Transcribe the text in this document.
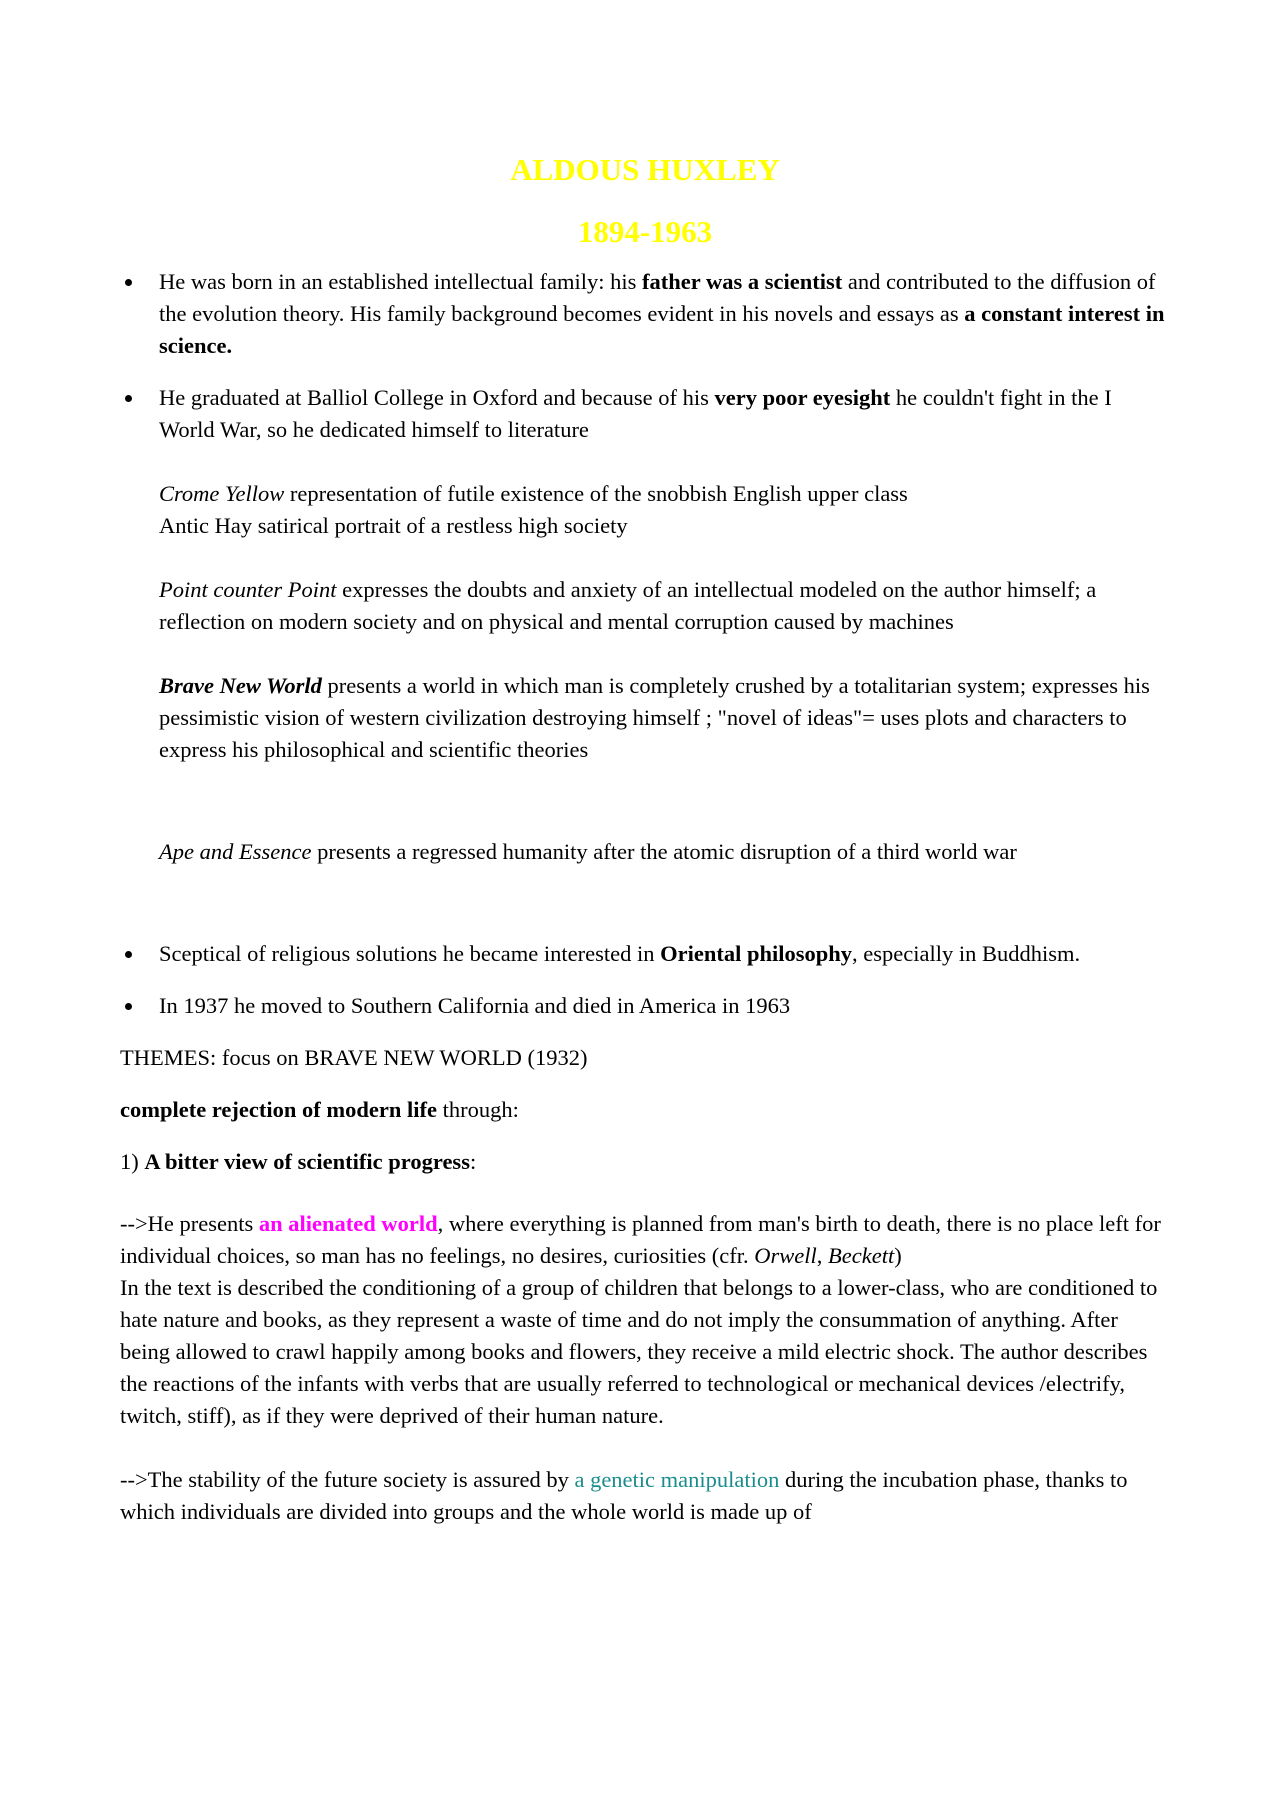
ALDOUS HUXLEY
1894-1963
He was born in an established intellectual family: his father was a scientist and contributed to the diffusion of the evolution theory. His family background becomes evident in his novels and essays as a constant interest in science.
He graduated at Balliol College in Oxford and because of his very poor eyesight he couldn't fight in the I World War, so he dedicated himself to literature

Crome Yellow representation of futile existence of the snobbish English upper class

Antic Hay satirical portrait of a restless high society

Point counter Point expresses the doubts and anxiety of an intellectual modeled on the author himself; a reflection on modern society and on physical and mental corruption caused by machines

Brave New World presents a world in which man is completely crushed by a totalitarian system; expresses his pessimistic vision of western civilization destroying himself ; "novel of ideas"= uses plots and characters to express his philosophical and scientific theories

Ape and Essence presents a regressed humanity after the atomic disruption of a third world war

Sceptical of religious solutions he became interested in Oriental philosophy, especially in Buddhism.
In 1937 he moved to Southern California and died in America in 1963

THEMES: focus on BRAVE NEW WORLD (1932)

complete rejection of modern life through:

1) A bitter view of scientific progress:

-->He presents an alienated world, where everything is planned from man's birth to death, there is no place left for individual choices, so man has no feelings, no desires, curiosities (cfr. Orwell, Beckett)

In the text is described the conditioning of a group of children that belongs to a lower-class, who are conditioned to hate nature and books, as they represent a waste of time and do not imply the consummation of anything. After being allowed to crawl happily among books and flowers, they receive a mild electric shock. The author describes the reactions of the infants with verbs that are usually referred to technological or mechanical devices /electrify, twitch, stiff), as if they were deprived of their human nature.

-->The stability of the future society is assured by a genetic manipulation during the incubation phase, thanks to which individuals are divided into groups and the whole world is made up of
